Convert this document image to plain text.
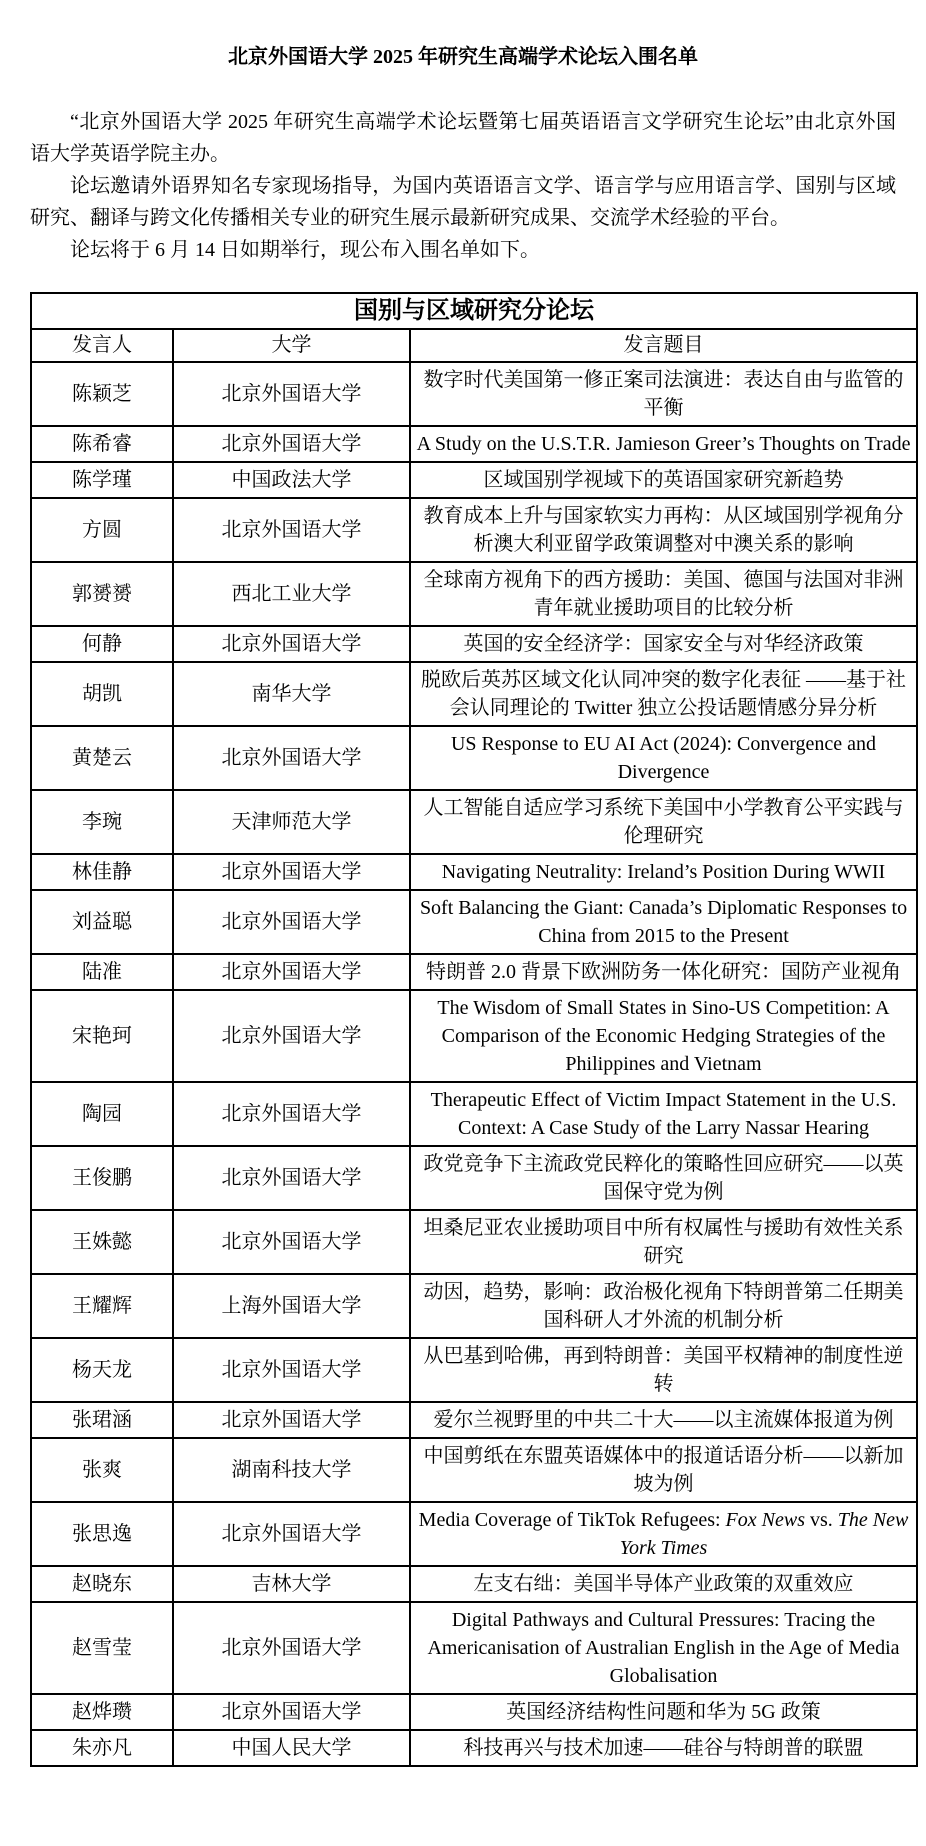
北京外国语大学 2025 年研究生高端学术论坛入围名单

“北京外国语大学 2025 年研究生高端学术论坛暨第七届英语语言文学研究生论坛”由北京外国语大学英语学院主办。

论坛邀请外语界知名专家现场指导，为国内英语语言文学、语言学与应用语言学、国别与区域研究、翻译与跨文化传播相关专业的研究生展示最新研究成果、交流学术经验的平台。

论坛将于 6 月 14 日如期举行，现公布入围名单如下。

国别与区域研究分论坛		
发言人	大学	发言题目
陈颖芝	北京外国语大学	数字时代美国第一修正案司法演进：表达自由与监管的平衡
陈希睿	北京外国语大学	A Study on the U.S.T.R. Jamieson Greer’s Thoughts on Trade
陈学瑾	中国政法大学	区域国别学视域下的英语国家研究新趋势
方圆	北京外国语大学	教育成本上升与国家软实力再构：从区域国别学视角分析澳大利亚留学政策调整对中澳关系的影响
郭赟赟	西北工业大学	全球南方视角下的西方援助：美国、德国与法国对非洲青年就业援助项目的比较分析
何静	北京外国语大学	英国的安全经济学：国家安全与对华经济政策
胡凯	南华大学	脱欧后英苏区域文化认同冲突的数字化表征 ——基于社会认同理论的 Twitter 独立公投话题情感分异分析
黄楚云	北京外国语大学	US Response to EU AI Act (2024): Convergence and Divergence
李琬	天津师范大学	人工智能自适应学习系统下美国中小学教育公平实践与伦理研究
林佳静	北京外国语大学	Navigating Neutrality: Ireland’s Position During WWII
刘益聪	北京外国语大学	Soft Balancing the Giant: Canada’s Diplomatic Responses to China from 2015 to the Present
陆准	北京外国语大学	特朗普 2.0 背景下欧洲防务一体化研究：国防产业视角
宋艳珂	北京外国语大学	The Wisdom of Small States in Sino-US Competition: A Comparison of the Economic Hedging Strategies of the Philippines and Vietnam
陶园	北京外国语大学	Therapeutic Effect of Victim Impact Statement in the U.S. Context: A Case Study of the Larry Nassar Hearing
王俊鹏	北京外国语大学	政党竞争下主流政党民粹化的策略性回应研究——以英国保守党为例
王姝懿	北京外国语大学	坦桑尼亚农业援助项目中所有权属性与援助有效性关系研究
王耀辉	上海外国语大学	动因，趋势，影响：政治极化视角下特朗普第二任期美国科研人才外流的机制分析
杨天龙	北京外国语大学	从巴基到哈佛，再到特朗普：美国平权精神的制度性逆转
张珺涵	北京外国语大学	爱尔兰视野里的中共二十大——以主流媒体报道为例
张爽	湖南科技大学	中国剪纸在东盟英语媒体中的报道话语分析——以新加坡为例
张思逸	北京外国语大学	Media Coverage of TikTok Refugees: Fox News vs. The New York Times
赵晓东	吉林大学	左支右绌：美国半导体产业政策的双重效应
赵雪莹	北京外国语大学	Digital Pathways and Cultural Pressures: Tracing the Americanisation of Australian English in the Age of Media Globalisation
赵烨瓒	北京外国语大学	英国经济结构性问题和华为 5G 政策
朱亦凡	中国人民大学	科技再兴与技术加速——硅谷与特朗普的联盟
